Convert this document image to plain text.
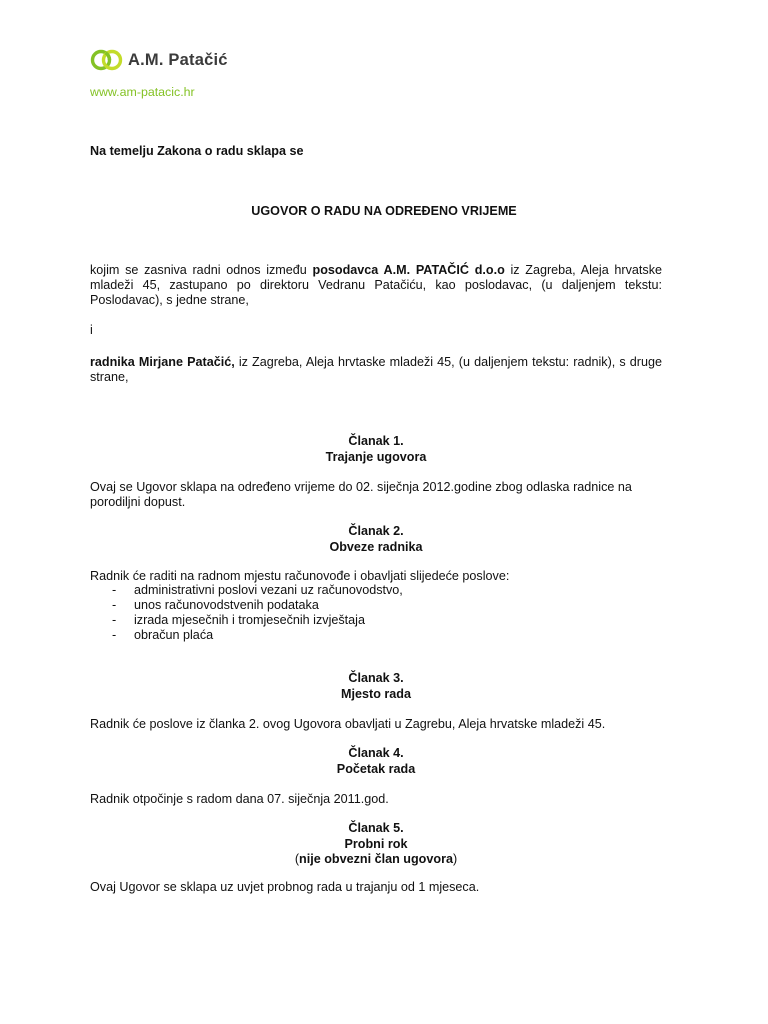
A.M. Patačić
www.am-patacic.hr
Na temelju Zakona o radu sklapa se
UGOVOR O RADU NA ODREĐENO VRIJEME
kojim se zasniva radni odnos između posodavca A.M. PATAČIĆ d.o.o iz Zagreba, Aleja hrvatske mladeži 45, zastupano po direktoru Vedranu Patačiću, kao poslodavac, (u daljenjem tekstu: Poslodavac), s jedne strane,
i
radnika Mirjane Patačić, iz Zagreba, Aleja hrvtaske mladeži 45, (u daljenjem tekstu: radnik), s druge strane,
Članak 1.
Trajanje ugovora
Ovaj se Ugovor sklapa na određeno vrijeme do 02. siječnja 2012.godine zbog odlaska radnice na porodiljni dopust.
Članak 2.
Obveze radnika
Radnik će raditi na radnom mjestu računovođe i obavljati slijedeće poslove:
-	administrativni poslovi vezani uz računovodstvo,
-	unos računovodstvenih podataka
-	izrada mjesečnih i tromjesečnih izvještaja
-	obračun plaća
Članak 3.
Mjesto rada
Radnik će poslove iz članka 2. ovog Ugovora obavljati u Zagrebu, Aleja hrvatske mladeži 45.
Članak 4.
Početak rada
Radnik otpočinje s radom dana 07. siječnja 2011.god.
Članak 5.
Probni rok
(nije obvezni član ugovora)
Ovaj Ugovor se sklapa uz uvjet probnog rada u trajanju od 1 mjeseca.
